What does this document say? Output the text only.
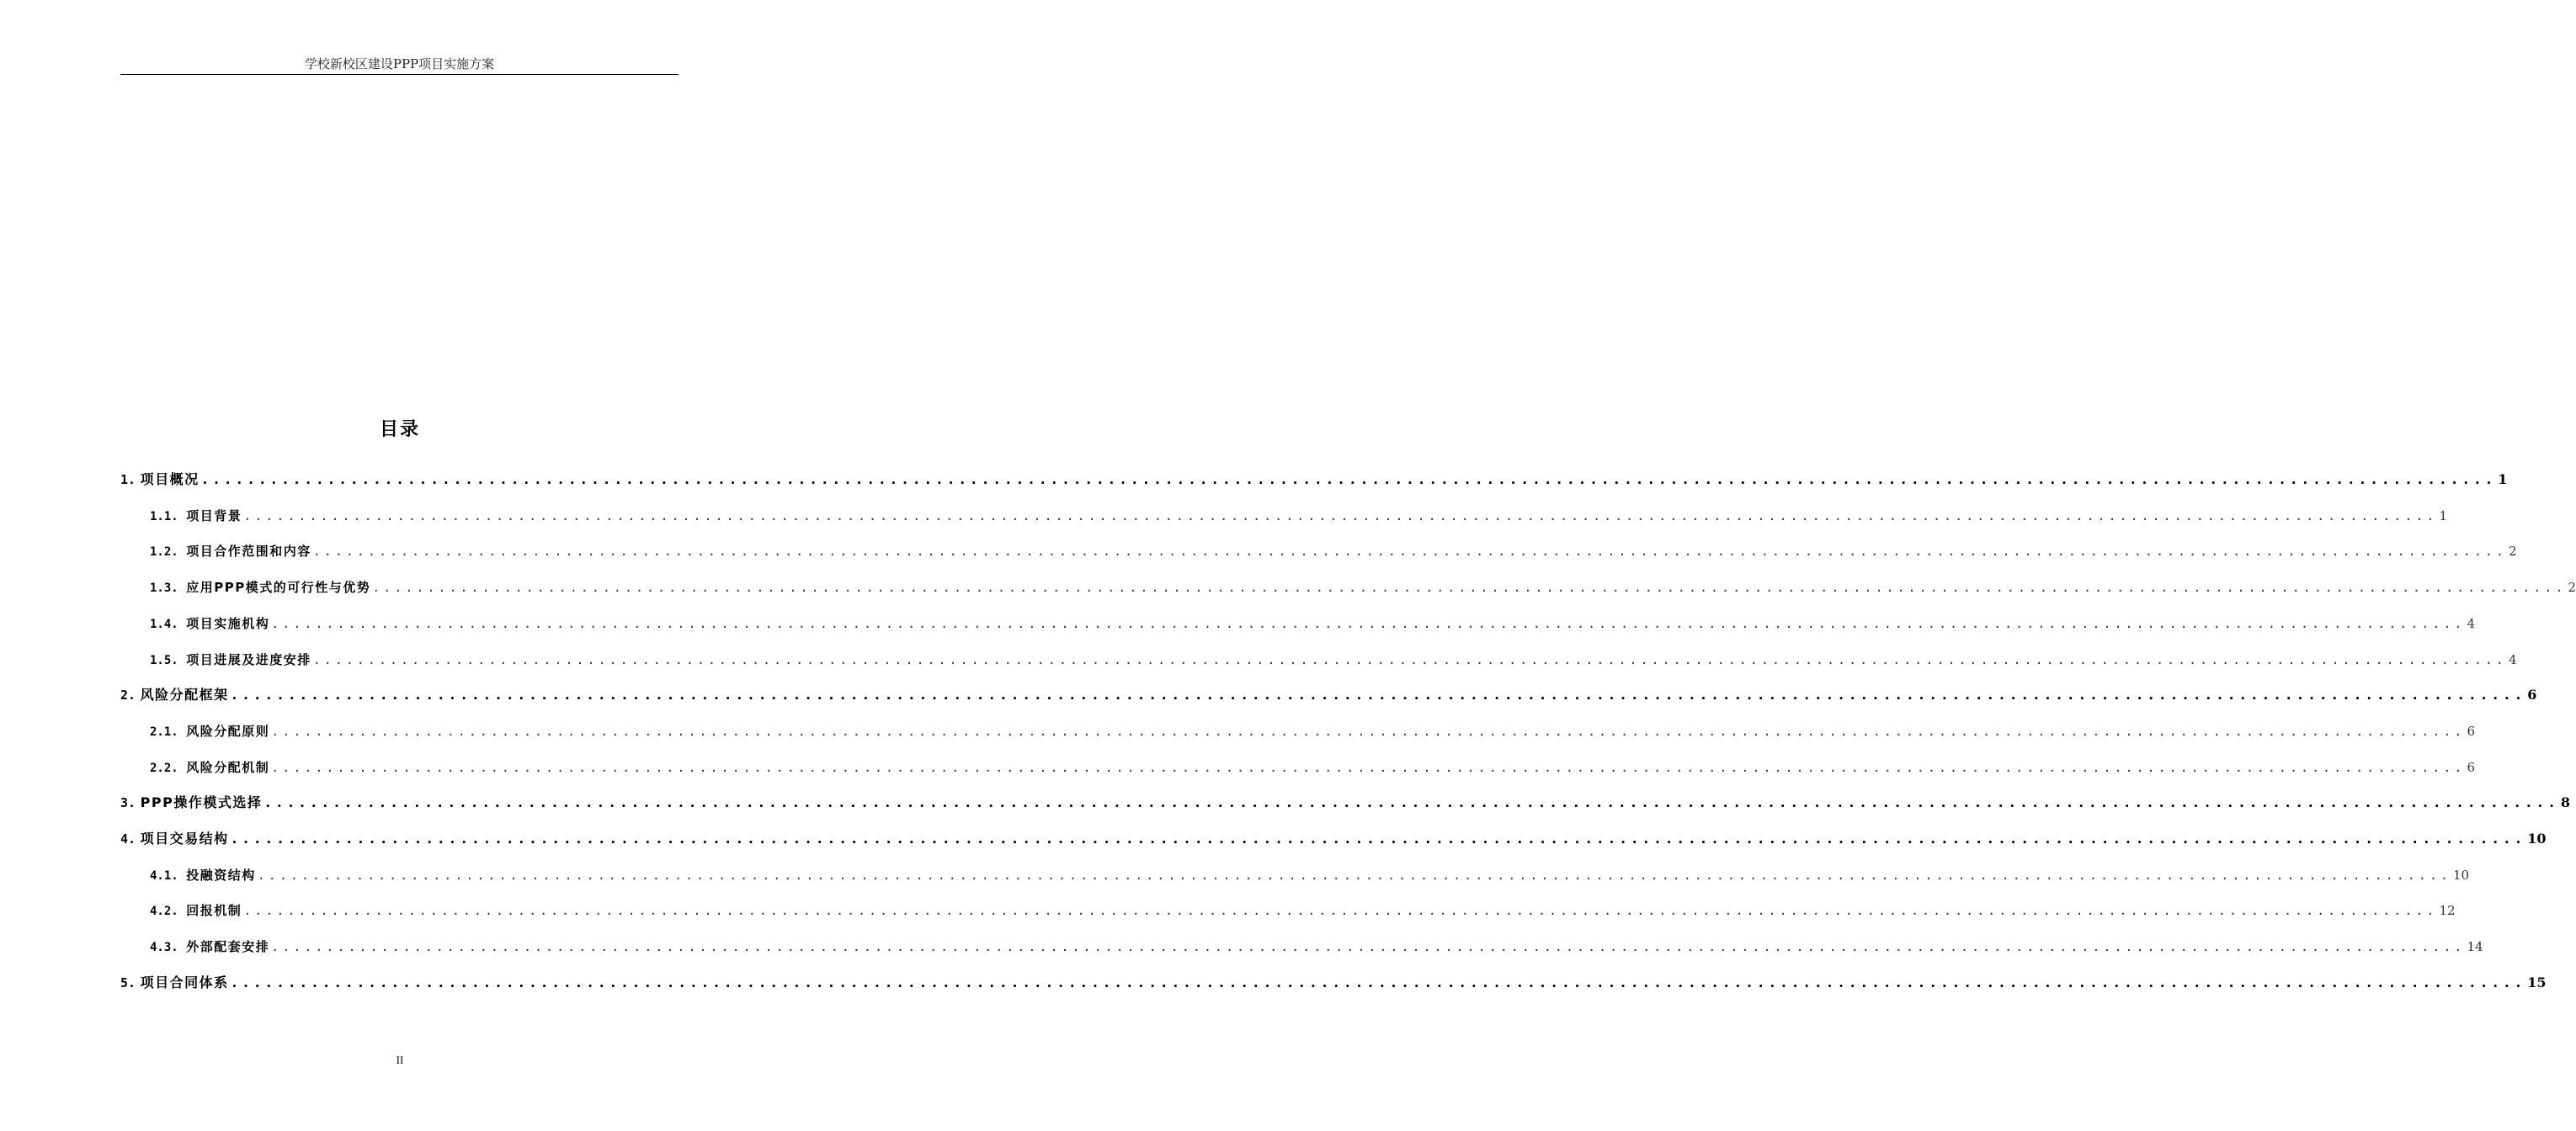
学校新校区建设PPP项目实施方案
目录
1.
项目概况 ........................................................................................................................................................................................................ 1
1.1.
项目背景 ........................................................................................................................................................................................................ 1
1.2.
项目合作范围和内容 ........................................................................................................................................................................................................ 2
1.3.
应用PPP模式的可行性与优势 ........................................................................................................................................................................................................ 2
1.4.
项目实施机构 ........................................................................................................................................................................................................ 4
1.5.
项目进展及进度安排 ........................................................................................................................................................................................................ 4
2.
风险分配框架 ........................................................................................................................................................................................................ 6
2.1.
风险分配原则 ........................................................................................................................................................................................................ 6
2.2.
风险分配机制 ........................................................................................................................................................................................................ 6
3.
PPP操作模式选择 ........................................................................................................................................................................................................ 8
4.
项目交易结构 ........................................................................................................................................................................................................ 10
4.1.
投融资结构 ........................................................................................................................................................................................................ 10
4.2.
回报机制 ........................................................................................................................................................................................................ 12
4.3.
外部配套安排 ........................................................................................................................................................................................................ 14
5.
项目合同体系 ........................................................................................................................................................................................................ 15
II
